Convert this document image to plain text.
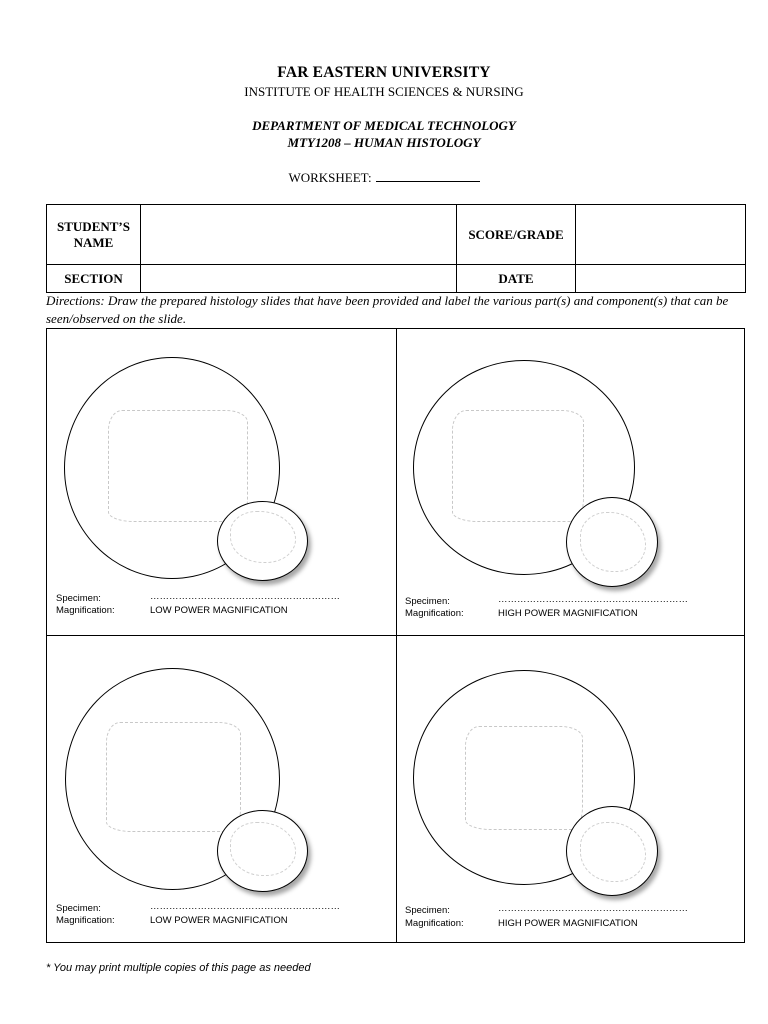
FAR EASTERN UNIVERSITY
INSTITUTE OF HEALTH SCIENCES & NURSING
DEPARTMENT OF MEDICAL TECHNOLOGY
MTY1208 – HUMAN HISTOLOGY
WORKSHEET:
STUDENT’S
NAME		SCORE/GRADE	
SECTION		DATE	
Directions: Draw the prepared histology slides that have been provided and label the various part(s) and component(s) that can be seen/observed on the slide.
Specimen:	……………………………………………………
Magnification:	LOW POWER MAGNIFICATION
Specimen:	……………………………………………………
Magnification:	HIGH POWER MAGNIFICATION
Specimen:	……………………………………………………
Magnification:	LOW POWER MAGNIFICATION
Specimen:	……………………………………………………
Magnification:	HIGH POWER MAGNIFICATION
* You may print multiple copies of this page as needed
